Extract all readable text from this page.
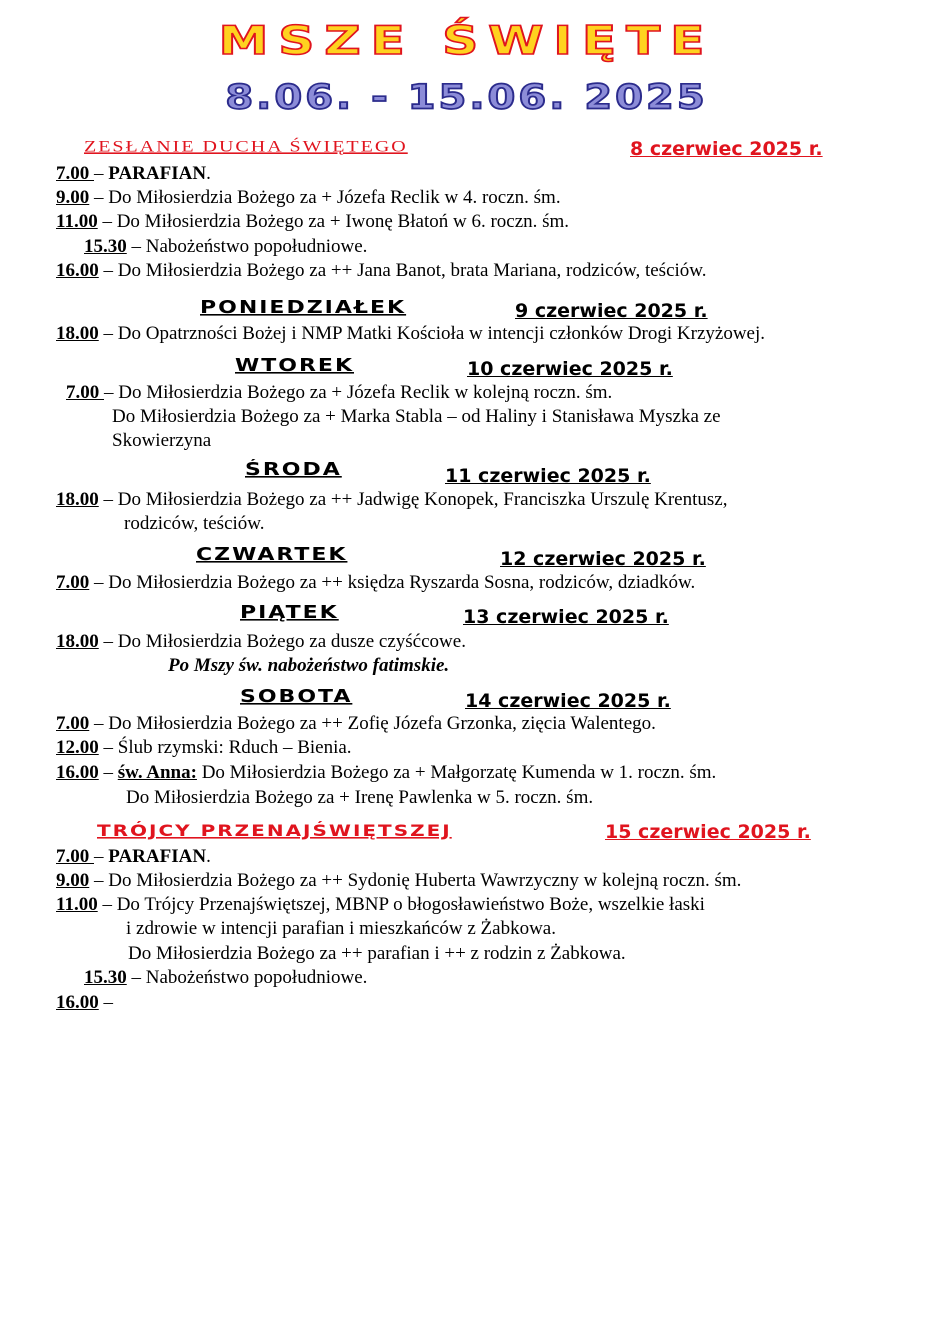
MSZE ŚWIĘTE
8.06. - 15.06. 2025
ZESŁANIE DUCHA ŚWIĘTEGO	8 czerwiec 2025 r.
PONIEDZIAŁEK	9 czerwiec 2025 r.
WTOREK	10 czerwiec 2025 r.
ŚRODA	11 czerwiec 2025 r.
CZWARTEK	12 czerwiec 2025 r.
PIĄTEK	13 czerwiec 2025 r.
SOBOTA	14 czerwiec 2025 r.
TRÓJCY PRZENAJŚWIĘTSZEJ	15 czerwiec 2025 r.
7.00 – PARAFIAN.
9.00 – Do Miłosierdzia Bożego za + Józefa Reclik w 4. roczn. śm.
11.00 – Do Miłosierdzia Bożego za + Iwonę Błatoń w 6. roczn. śm.
15.30 – Nabożeństwo popołudniowe.
16.00 – Do Miłosierdzia Bożego za ++ Jana Banot, brata Mariana, rodziców, teściów.
18.00 – Do Opatrzności Bożej i NMP Matki Kościoła w intencji członków Drogi Krzyżowej.
7.00 – Do Miłosierdzia Bożego za + Józefa Reclik w kolejną roczn. śm.
Do Miłosierdzia Bożego za + Marka Stabla – od Haliny i Stanisława Myszka ze
Skowierzyna
18.00 – Do Miłosierdzia Bożego za ++ Jadwigę Konopek, Franciszka Urszulę Krentusz,
rodziców, teściów.
7.00 – Do Miłosierdzia Bożego za ++ księdza Ryszarda Sosna, rodziców, dziadków.
18.00 – Do Miłosierdzia Bożego za dusze czyśćcowe.
Po Mszy św. nabożeństwo fatimskie.
7.00 – Do Miłosierdzia Bożego za ++ Zofię Józefa Grzonka, zięcia Walentego.
12.00 – Ślub rzymski: Rduch – Bienia.
16.00 – św. Anna: Do Miłosierdzia Bożego za + Małgorzatę Kumenda w 1. roczn. śm.
Do Miłosierdzia Bożego za + Irenę Pawlenka w 5. roczn. śm.
7.00 – PARAFIAN.
9.00 – Do Miłosierdzia Bożego za ++ Sydonię Huberta Wawrzyczny w kolejną roczn. śm.
11.00 – Do Trójcy Przenajświętszej, MBNP o błogosławieństwo Boże, wszelkie łaski
i zdrowie w intencji parafian i mieszkańców z Żabkowa.
Do Miłosierdzia Bożego za ++ parafian i ++ z rodzin z Żabkowa.
15.30 – Nabożeństwo popołudniowe.
16.00 –
